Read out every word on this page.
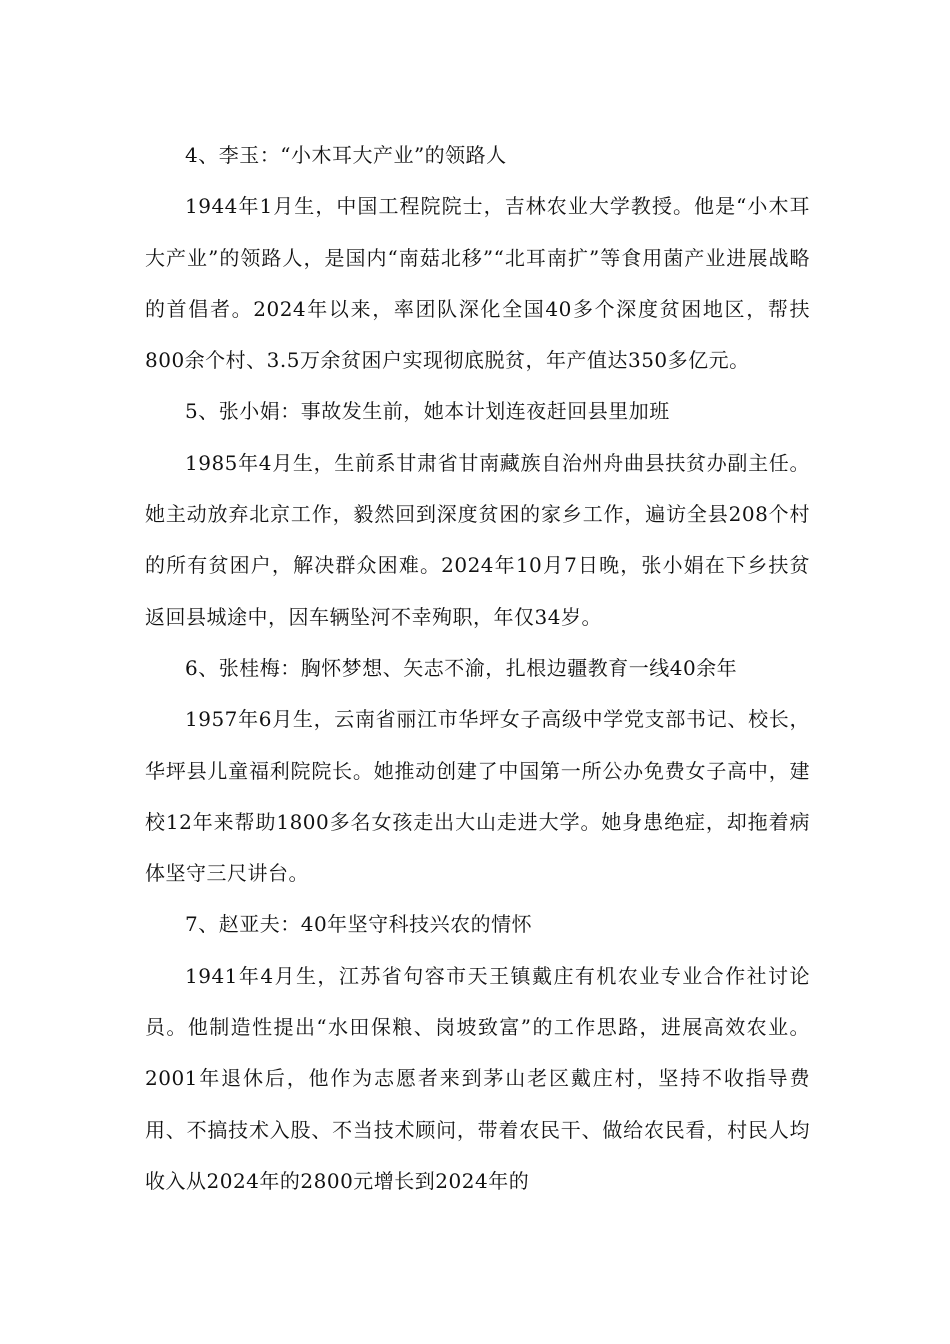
4、李玉：“小木耳大产业”的领路人

1944年1月生，中国工程院院士，吉林农业大学教授。他是“小木耳大产业”的领路人，是国内“南菇北移”“北耳南扩”等食用菌产业进展战略的首倡者。2024年以来，率团队深化全国40多个深度贫困地区，帮扶800余个村、3.5万余贫困户实现彻底脱贫，年产值达350多亿元。

5、张小娟：事故发生前，她本计划连夜赶回县里加班

1985年4月生，生前系甘肃省甘南藏族自治州舟曲县扶贫办副主任。她主动放弃北京工作，毅然回到深度贫困的家乡工作，遍访全县208个村的所有贫困户，解决群众困难。2024年10月7日晚，张小娟在下乡扶贫返回县城途中，因车辆坠河不幸殉职，年仅34岁。

6、张桂梅：胸怀梦想、矢志不渝，扎根边疆教育一线40余年

1957年6月生，云南省丽江市华坪女子高级中学党支部书记、校长，华坪县儿童福利院院长。她推动创建了中国第一所公办免费女子高中，建校12年来帮助1800多名女孩走出大山走进大学。她身患绝症，却拖着病体坚守三尺讲台。

7、赵亚夫：40年坚守科技兴农的情怀

1941年4月生，江苏省句容市天王镇戴庄有机农业专业合作社讨论员。他制造性提出“水田保粮、岗坡致富”的工作思路，进展高效农业。2001年退休后，他作为志愿者来到茅山老区戴庄村，坚持不收指导费用、不搞技术入股、不当技术顾问，带着农民干、做给农民看，村民人均收入从2024年的2800元增长到2024年的
